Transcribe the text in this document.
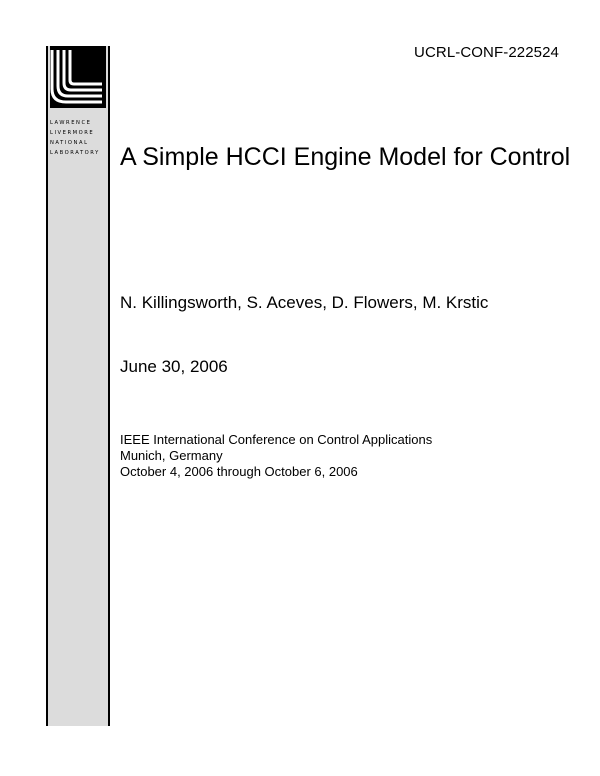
LAWRENCE
LIVERMORE
NATIONAL
LABORATORY
UCRL-CONF-222524
A Simple HCCI Engine Model for Control
N. Killingsworth, S. Aceves, D. Flowers, M. Krstic
June 30, 2006
IEEE International Conference on Control Applications
Munich, Germany
October 4, 2006 through October 6, 2006
